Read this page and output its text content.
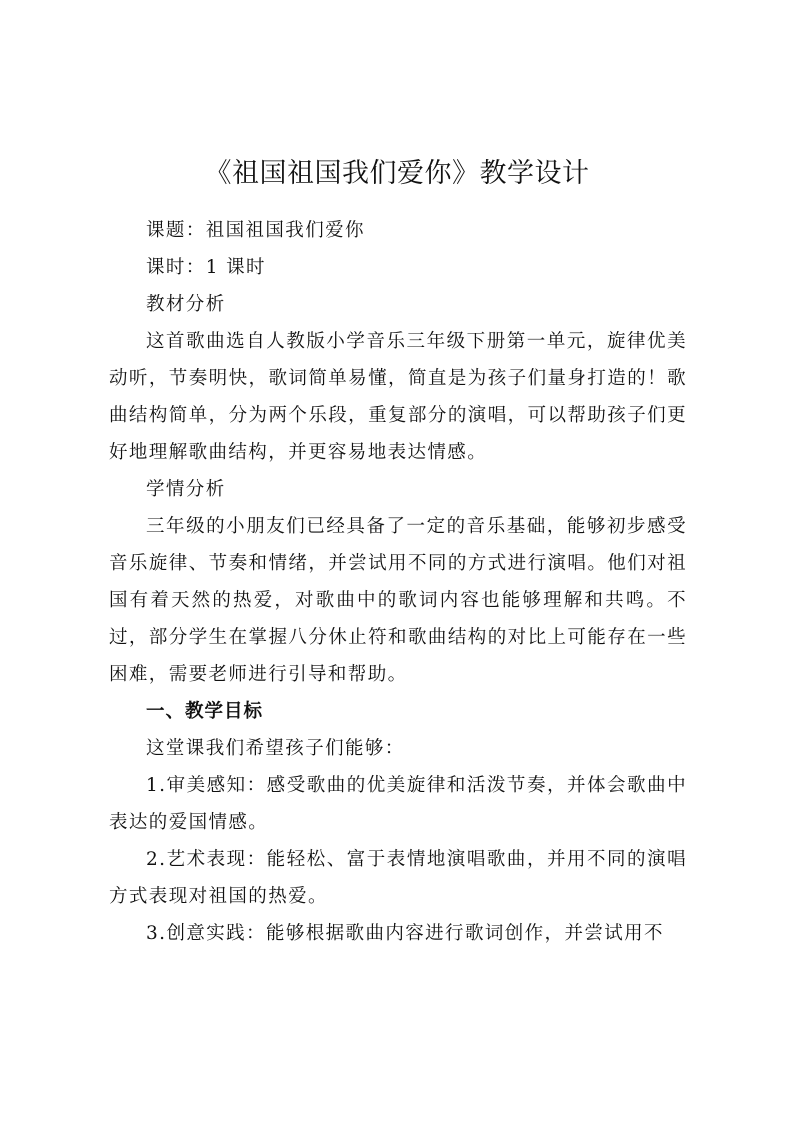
《祖国祖国我们爱你》教学设计

课题：祖国祖国我们爱你

课时：1 课时

教材分析

这首歌曲选自人教版小学音乐三年级下册第一单元，旋律优美动听，节奏明快，歌词简单易懂，简直是为孩子们量身打造的！歌曲结构简单，分为两个乐段，重复部分的演唱，可以帮助孩子们更好地理解歌曲结构，并更容易地表达情感。

学情分析

三年级的小朋友们已经具备了一定的音乐基础，能够初步感受音乐旋律、节奏和情绪，并尝试用不同的方式进行演唱。他们对祖国有着天然的热爱，对歌曲中的歌词内容也能够理解和共鸣。不过，部分学生在掌握八分休止符和歌曲结构的对比上可能存在一些困难，需要老师进行引导和帮助。

一、教学目标

这堂课我们希望孩子们能够：

1.审美感知：感受歌曲的优美旋律和活泼节奏，并体会歌曲中表达的爱国情感。

2.艺术表现：能轻松、富于表情地演唱歌曲，并用不同的演唱方式表现对祖国的热爱。

3.创意实践：能够根据歌曲内容进行歌词创作，并尝试用不
